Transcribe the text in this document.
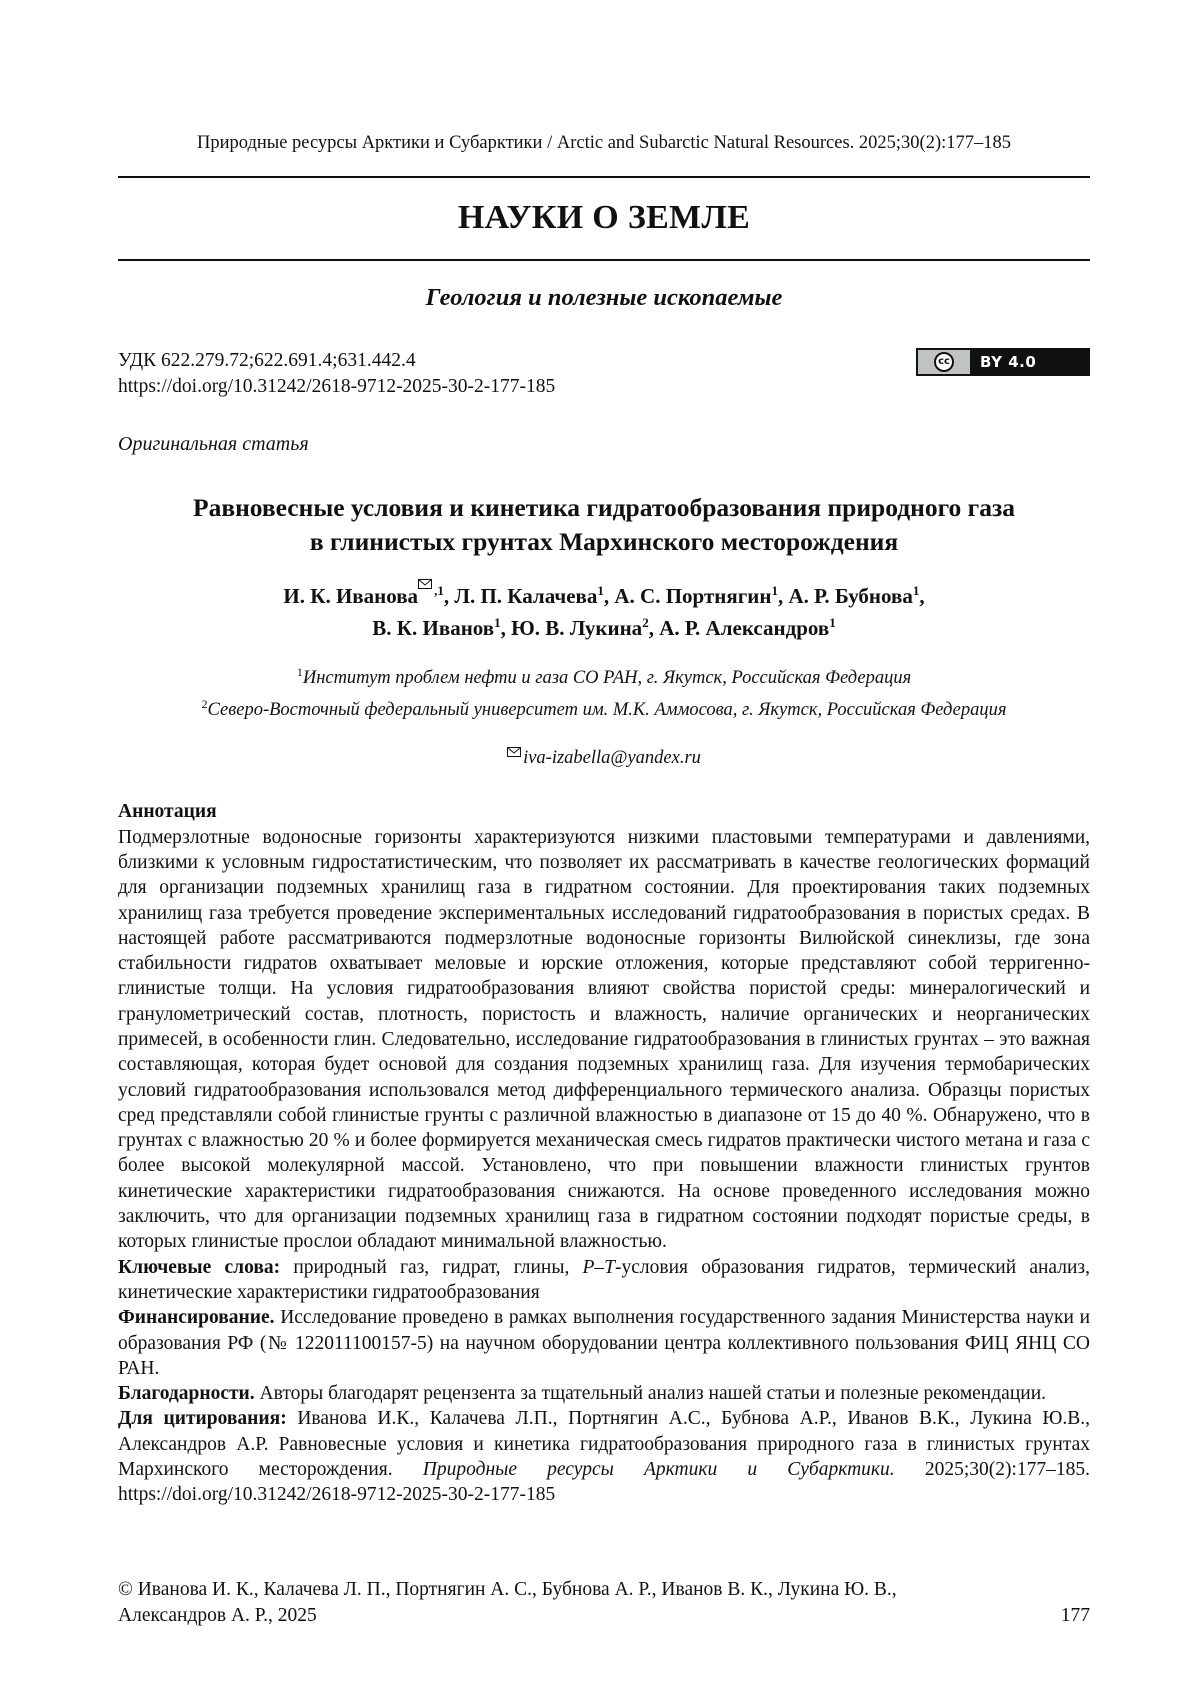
Природные ресурсы Арктики и Субарктики / Arctic and Subarctic Natural Resources. 2025;30(2):177–185
НАУКИ О ЗЕМЛЕ
Геология и полезные ископаемые
УДК 622.279.72;622.691.4;631.442.4
https://doi.org/10.31242/2618-9712-2025-30-2-177-185
cc	BY 4.0
Оригинальная статья
Равновесные условия и кинетика гидратообразования природного газа
в глинистых грунтах Мархинского месторождения
И. К. Иванова $^{,1}$, Л. П. Калачева$^1$, А. С. Портнягин$^1$, А. Р. Бубнова$^1$,
В. К. Иванов$^1$, Ю. В. Лукина$^2$, А. Р. Александров$^1$
$^1$Институт проблем нефти и газа СО РАН, г. Якутск, Российская Федерация
$^2$Северо-Восточный федеральный университет им. М.К. Аммосова, г. Якутск, Российская Федерация
iva-izabella@yandex.ru
Аннотация

Подмерзлотные водоносные горизонты характеризуются низкими пластовыми температурами и давлениями, близкими к условным гидростатистическим, что позволяет их рассматривать в качестве геологических формаций для организации подземных хранилищ газа в гидратном состоянии. Для проектирования таких подземных хранилищ газа требуется проведение экспериментальных исследований гидратообразования в пористых средах. В настоящей работе рассматриваются подмерзлотные водоносные горизонты Вилюйской синеклизы, где зона стабильности гидратов охватывает меловые и юрские отложения, которые представляют собой терригенно-глинистые толщи. На условия гидратообразования влияют свойства пористой среды: минералогический и гранулометрический состав, плотность, пористость и влажность, наличие органических и неорганических примесей, в особенности глин. Следовательно, исследование гидратообразования в глинистых грунтах – это важная составляющая, которая будет основой для создания подземных хранилищ газа. Для изучения термобарических условий гидратообразования использовался метод дифференциального термического анализа. Образцы пористых сред представляли собой глинистые грунты с различной влажностью в диапазоне от 15 до 40 %. Обнаружено, что в грунтах с влажностью 20 % и более формируется механическая смесь гидратов практически чистого метана и газа с более высокой молекулярной массой. Установлено, что при повышении влажности глинистых грунтов кинетические характеристики гидратообразования снижаются. На основе проведенного исследования можно заключить, что для организации подземных хранилищ газа в гидратном состоянии подходят пористые среды, в которых глинистые прослои обладают минимальной влажностью.

Ключевые слова: природный газ, гидрат, глины, P–T-условия образования гидратов, термический анализ, кинетические характеристики гидратообразования

Финансирование. Исследование проведено в рамках выполнения государственного задания Министерства науки и образования РФ (№ 122011100157-5) на научном оборудовании центра коллективного пользования ФИЦ ЯНЦ СО РАН.

Благодарности. Авторы благодарят рецензента за тщательный анализ нашей статьи и полезные рекомендации.

Для цитирования: Иванова И.К., Калачева Л.П., Портнягин А.С., Бубнова А.Р., Иванов В.К., Лукина Ю.В., Александров А.Р. Равновесные условия и кинетика гидратообразования природного газа в глинистых грунтах Мархинского месторождения. Природные ресурсы Арктики и Субарктики. 2025;30(2):177–185. https://doi.org/10.31242/2618-9712-2025-30-2-177-185

© Иванова И. К., Калачева Л. П., Портнягин А. С., Бубнова А. Р., Иванов В. К., Лукина Ю. В.,
Александров А. Р., 2025	177
